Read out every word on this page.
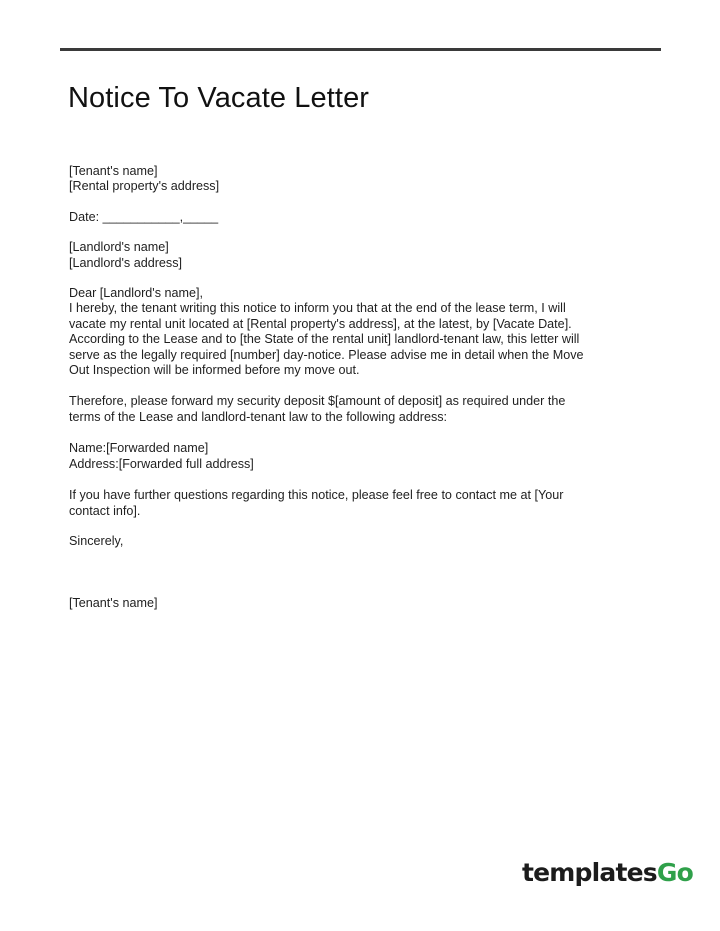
Notice To Vacate Letter
[Tenant's name]
[Rental property's address]
Date: ___________,_____
[Landlord's name]
[Landlord's address]
Dear [Landlord's name],
I hereby, the tenant writing this notice to inform you that at the end of the lease term, I will
vacate my rental unit located at [Rental property's address], at the latest, by [Vacate Date].
According to the Lease and to [the State of the rental unit] landlord-tenant law, this letter will
serve as the legally required [number] day-notice. Please advise me in detail when the Move
Out Inspection will be informed before my move out.
Therefore, please forward my security deposit $[amount of deposit] as required under the
terms of the Lease and landlord-tenant law to the following address:
Name:[Forwarded name]
Address:[Forwarded full address]
If you have further questions regarding this notice, please feel free to contact me at [Your
contact info].
Sincerely,
[Tenant's name]
templatesGo
